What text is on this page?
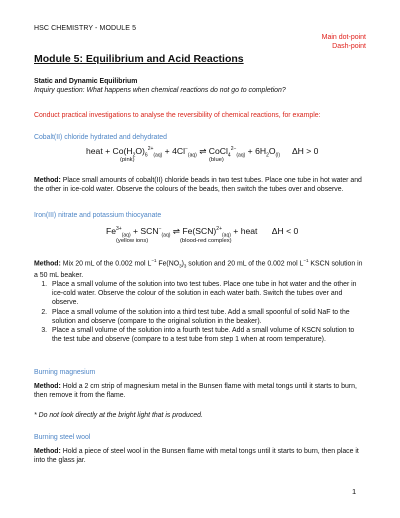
HSC CHEMISTRY - MODULE 5
Main dot-point
Dash-point
Module 5: Equilibrium and Acid Reactions
Static and Dynamic Equilibrium
Inquiry question: What happens when chemical reactions do not go to completion?
Conduct practical investigations to analyse the reversibility of chemical reactions, for example:
Cobalt(II) chloride hydrated and dehydrated
heat + $Co(H_2O)_6^{2+}_{(aq)} + 4Cl^-_{(aq)}$ ⇌ CoCl$_4^{2-}_{(aq)}$ + $6H_2O_{(l)}$     ΔH > 0
(pink)	(blue)
Method: Place small amounts of cobalt(II) chloride beads in two test tubes. Place one tube in hot water and the other in ice-cold water. Observe the colours of the beads, then switch the tubes over and observe.
Iron(III) nitrate and potassium thiocyanate
$Fe^{3+}_{(aq)} + SCN^-_{(aq)}$ ⇌ Fe(SCN)$^{2+}_{(aq)}$ + heat      ΔH < 0
(yellow ions)	(blood-red complex)
Method: Mix 20 mL of the 0.002 mol $L^{-1}$ $Fe(NO_3)_3$ solution and 20 mL of the 0.002 mol $L^{-1}$ KSCN solution in a 50 mL beaker.
1. Place a small volume of the solution into two test tubes. Place one tube in hot water and the other in ice-cold water. Observe the colour of the solution in each water bath. Switch the tubes over and observe.
2. Place a small volume of the solution into a third test tube. Add a small spoonful of solid NaF to the solution and observe (compare to the original solution in the beaker).
3. Place a small volume of the solution into a fourth test tube. Add a small volume of KSCN solution to the test tube and observe (compare to a test tube from step 1 when at room temperature).
Burning magnesium
Method: Hold a 2 cm strip of magnesium metal in the Bunsen flame with metal tongs until it starts to burn, then remove it from the flame.
* Do not look directly at the bright light that is produced.
Burning steel wool
Method: Hold a piece of steel wool in the Bunsen flame with metal tongs until it starts to burn, then place it into the glass jar.
1
